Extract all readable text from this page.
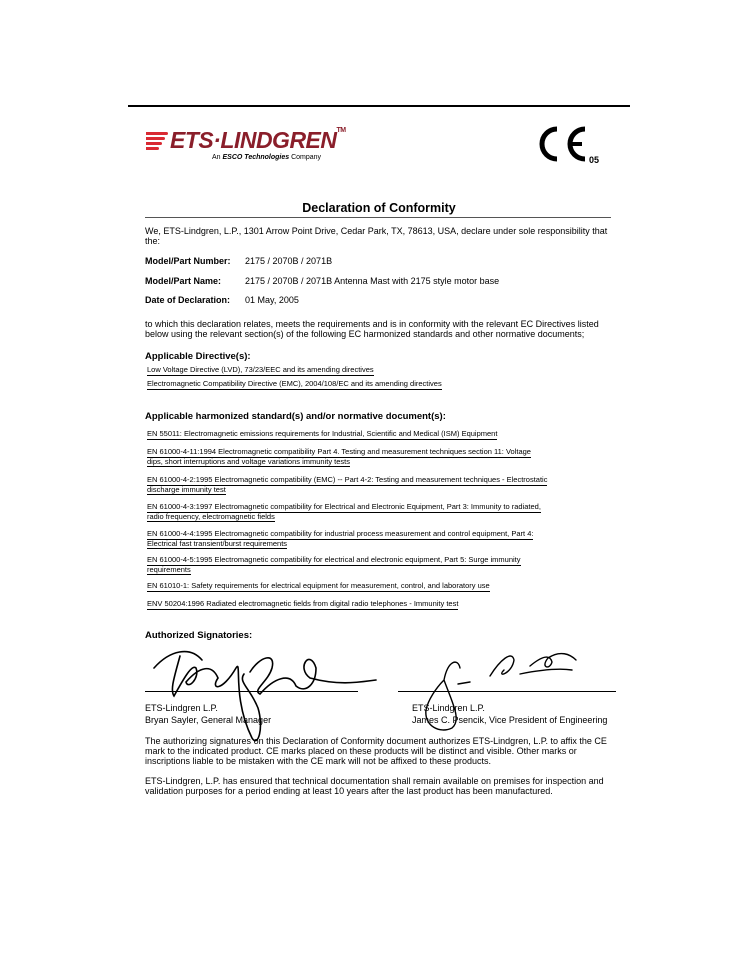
ETS·LINDGREN™
An ESCO Technologies Company	05
Declaration of Conformity
We, ETS-Lindgren, L.P., 1301 Arrow Point Drive, Cedar Park, TX, 78613, USA, declare under sole responsibility that the:
Model/Part Number: 2175 / 2070B / 2071B
Model/Part Name:	2175 / 2070B / 2071B Antenna Mast with 2175 style motor base
Date of Declaration: 01 May, 2005
to which this declaration relates, meets the requirements and is in conformity with the relevant EC Directives listed below using the relevant section(s) of the following EC harmonized standards and other normative documents;
Applicable Directive(s):
Low Voltage Directive (LVD), 73/23/EEC and its amending directives
Electromagnetic Compatibility Directive (EMC), 2004/108/EC and its amending directives
Applicable harmonized standard(s) and/or normative document(s):
EN 55011: Electromagnetic emissions requirements for Industrial, Scientific and Medical (ISM) Equipment
EN 61000-4-11:1994 Electromagnetic compatibility Part 4. Testing and measurement techniques section 11: Voltage
dips, short interruptions and voltage variations immunity tests
EN 61000-4-2:1995 Electromagnetic compatibility (EMC) -- Part 4-2: Testing and measurement techniques - Electrostatic
discharge immunity test
EN 61000-4-3:1997 Electromagnetic compatibility for Electrical and Electronic Equipment, Part 3: Immunity to radiated,
radio frequency, electromagnetic fields
EN 61000-4-4:1995 Electromagnetic compatibility for industrial process measurement and control equipment, Part 4:
Electrical fast transient/burst requirements
EN 61000-4-5:1995 Electromagnetic compatibility for electrical and electronic equipment, Part 5: Surge immunity
requirements
EN 61010-1: Safety requirements for electrical equipment for measurement, control, and laboratory use
ENV 50204:1996 Radiated electromagnetic fields from digital radio telephones - Immunity test
Authorized Signatories:
ETS-Lindgren L.P.
Bryan Sayler, General Manager
ETS-Lindgren L.P.
James C. Psencik, Vice President of Engineering
The authorizing signatures on this Declaration of Conformity document authorizes ETS-Lindgren, L.P. to affix the CE mark to the indicated product. CE marks placed on these products will be distinct and visible. Other marks or inscriptions liable to be mistaken with the CE mark will not be affixed to these products.
ETS-Lindgren, L.P. has ensured that technical documentation shall remain available on premises for inspection and validation purposes for a period ending at least 10 years after the last product has been manufactured.
